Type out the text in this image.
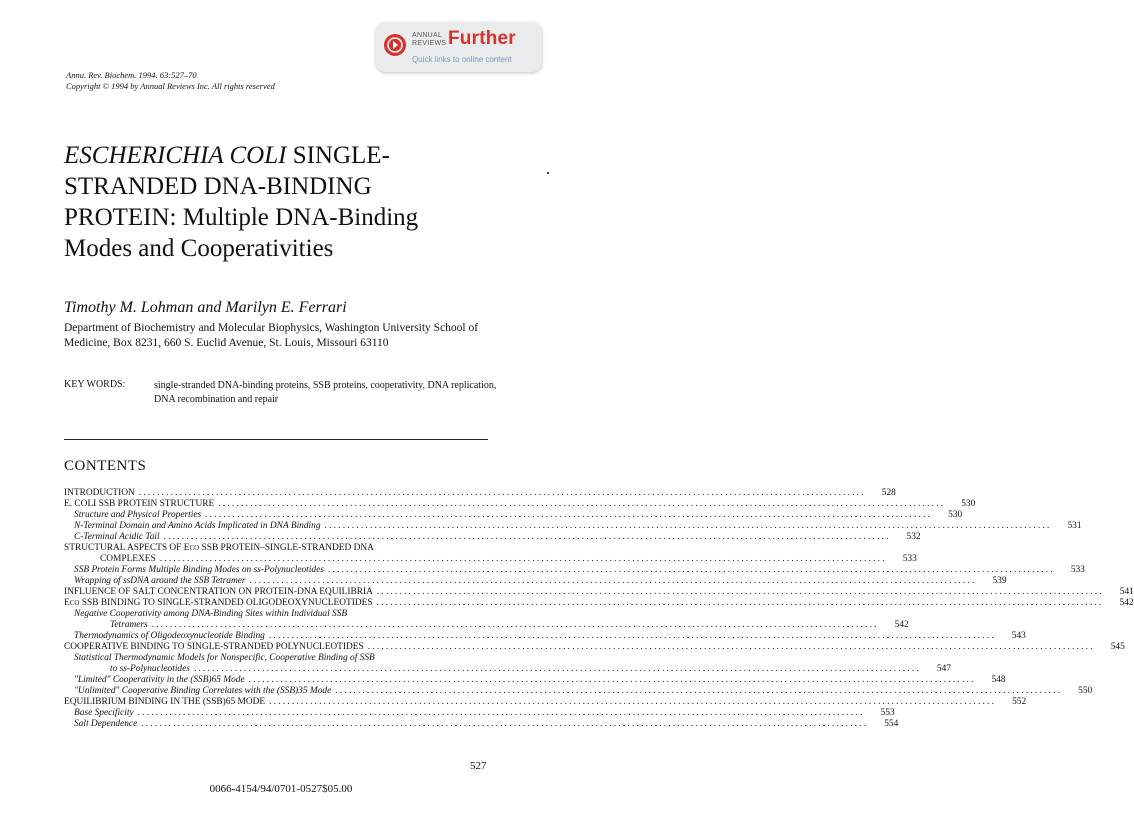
ANNUAL
REVIEWS Further
Quick links to online content
Annu. Rev. Biochem. 1994. 63:527–70
Copyright © 1994 by Annual Reviews Inc. All rights reserved
ESCHERICHIA COLI SINGLE-STRANDED DNA-BINDING PROTEIN: Multiple DNA-Binding Modes and Cooperativities

Timothy M. Lohman and Marilyn E. Ferrari

Department of Biochemistry and Molecular Biophysics, Washington University School of Medicine, Box 8231, 660 S. Euclid Avenue, St. Louis, Missouri 63110
KEY WORDS:	single-stranded DNA-binding proteins, SSB proteins, cooperativity, DNA replication, DNA recombination and repair
CONTENTS
INTRODUCTION ................................................................................................................................................................	528
E. COLI SSB PROTEIN STRUCTURE ................................................................................................................................................................	530
Structure and Physical Properties ................................................................................................................................................................	530
N-Terminal Domain and Amino Acids Implicated in DNA Binding ................................................................................................................................................................	531
C-Terminal Acidic Tail ................................................................................................................................................................	532
STRUCTURAL ASPECTS OF Eco SSB PROTEIN–SINGLE-STRANDED DNA
COMPLEXES ................................................................................................................................................................	533
SSB Protein Forms Multiple Binding Modes on ss-Polynucleotides ................................................................................................................................................................	533
Wrapping of ssDNA around the SSB Tetramer ................................................................................................................................................................	539
INFLUENCE OF SALT CONCENTRATION ON PROTEIN-DNA EQUILIBRIA ................................................................................................................................................................	541
Eco SSB BINDING TO SINGLE-STRANDED OLIGODEOXYNUCLEOTIDES ................................................................................................................................................................	542
Negative Cooperativity among DNA-Binding Sites within Individual SSB
Tetramers ................................................................................................................................................................	542
Thermodynamics of Oligodeoxynucleotide Binding ................................................................................................................................................................	543
COOPERATIVE BINDING TO SINGLE-STRANDED POLYNUCLEOTIDES ................................................................................................................................................................	545
Statistical Thermodynamic Models for Nonspecific, Cooperative Binding of SSB
to ss-Polynucleotides ................................................................................................................................................................	547
"Limited" Cooperativity in the (SSB)65 Mode ................................................................................................................................................................	548
"Unlimited" Cooperative Binding Correlates with the (SSB)35 Mode ................................................................................................................................................................	550
EQUILIBRIUM BINDING IN THE (SSB)65 MODE ................................................................................................................................................................	552
Base Specificity ................................................................................................................................................................	553
Salt Dependence ................................................................................................................................................................	554
527
0066-4154/94/0701-0527$05.00
